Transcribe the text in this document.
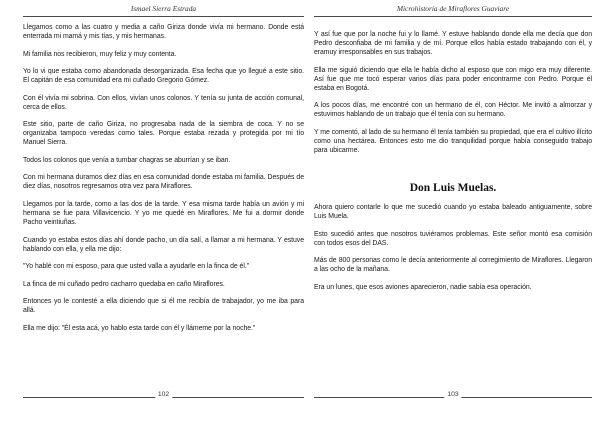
Ismael Sierra Estrada

Llegamos como a las cuatro y media a caño Giriza donde vivía mi hermano. Donde está enterrada mi mamá y mis tías, y mis hermanas.

Mi familia nos recibieron, muy feliz y muy contenta.

Yo lo vi que estaba como abandonada desorganizada. Esa fecha que yo llegué a este sitio. El capitán de esa comunidad era mi cuñado Gregorio Gómez.

Con él vivía mi sobrina. Con ellos, vivían unos colonos. Y tenía su junta de acción comunal, cerca de ellos.

Este sitio, parte de caño Giriza, no progresaba nada de la siembra de coca. Y no se organizaba tampoco veredas como tales. Porque estaba rezada y protegida por mi tío Manuel Sierra.

Todos los colonos que venía a tumbar chagras se aburrían y se iban.

Con mi hermana duramos diez días en esa comunidad donde estaba mi familia. Después de diez días, nosotros regresamos otra vez para Miraflores.

Llegamos por la tarde, como a las dos de la tarde. Y esa misma tarde había un avión y mi hermana se fue para Villavicencio. Y yo me quedé en Miraflores. Me fui a dormir donde Pacho veintiuñas.

Cuando yo estaba estos días ahí donde pacho, un día salí, a llamar a mi hermana. Y estuve hablando con ella, y ella me dijo:

"Yo hablé con mi esposo, para que usted valla a ayudarle en la finca de él."

La finca de mi cuñado pedro cacharro quedaba en caño Miraflores.

Entonces yo le contesté a ella diciendo que si él me recibía de trabajador, yo me iba para allá.

Ella me dijo: "Él esta acá, yo hablo esta tarde con él y llámeme por la noche."

102
Microhistoria de Miraflores Guaviare

Y así fue que por la noche fui y lo llamé. Y estuve hablando donde ella me decía que don Pedro desconfiaba de mi familia y de mí. Porque ellos había estado trabajando con él, y eramuy irresponsables en sus trabajos.

Ella me siguió diciendo que ella le había dicho al esposo que con migo era muy diferente. Así fue que me tocó esperar varios días para poder encontrarme con Pedro. Porque él estaba en Bogotá.

A los pocos días, me encontré con un hermano de él, con Héctor. Me invitó a almorzar y estuvimos hablando de un trabajo que él tenía con su hermano.

Y me comentó, al lado de su hermano él tenía también su propiedad, que era el cultivo ilícito como una hectárea. Entonces esto me dio tranquilidad porque había conseguido trabajo para ubicarme.

Don Luis Muelas.

Ahora quiero contarle lo que me sucedió cuando yo estaba baleado antiguamente, sobre Luis Muela.

Esto sucedió antes que nosotros tuviéramos problemas. Este señor montó esa comisión con todos esos del DAS.

Más de 800 personas como le decía anteriormente al corregimiento de Miraflores. Llegaron a las ocho de la mañana.

Era un lunes, que esos aviones aparecieron, nadie sabía esa operación.

103
